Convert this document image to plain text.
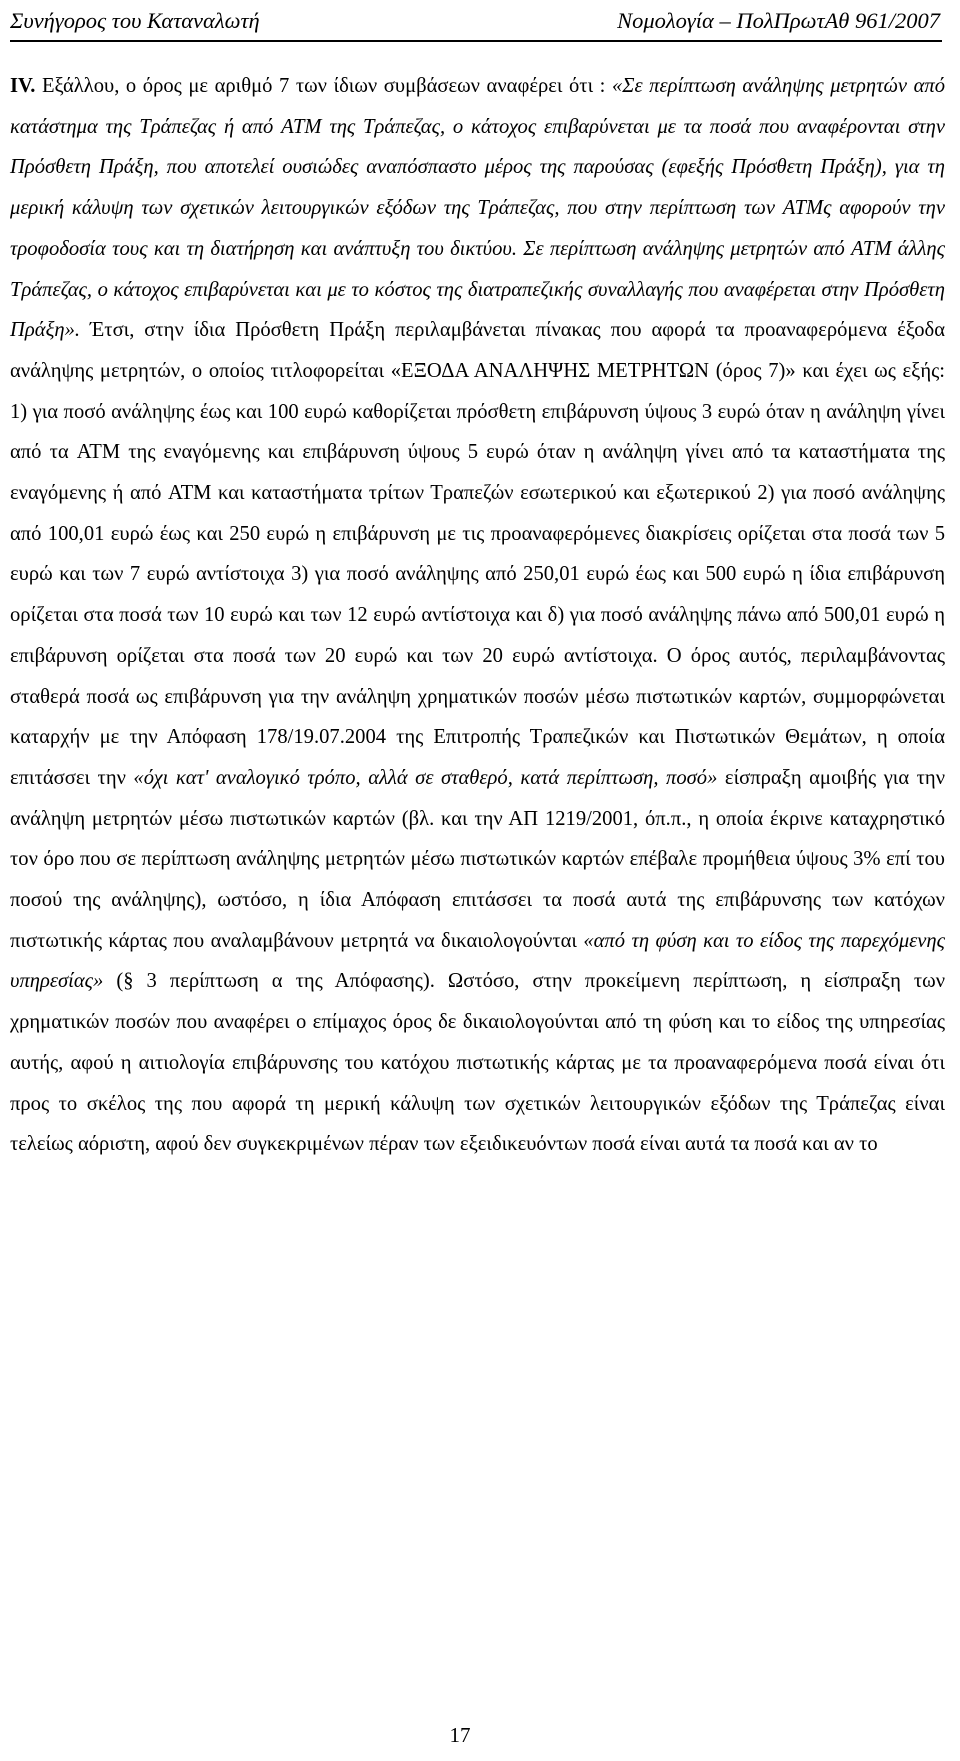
Συνήγορος του Καταναλωτή	Νομολογία – ΠολΠρωτΑθ 961/2007

IV. Εξάλλου, ο όρος με αριθμό 7 των ίδιων συμβάσεων αναφέρει ότι : «Σε περίπτωση ανάληψης μετρητών από κατάστημα της Τράπεζας ή από ATM της Τράπεζας, ο κάτοχος επιβαρύνεται με τα ποσά που αναφέρονται στην Πρόσθετη Πράξη, που αποτελεί ουσιώδες αναπόσπαστο μέρος της παρούσας (εφεξής Πρόσθετη Πράξη), για τη μερική κάλυψη των σχετικών λειτουργικών εξόδων της Τράπεζας, που στην περίπτωση των ATMς αφορούν την τροφοδοσία τους και τη διατήρηση και ανάπτυξη του δικτύου. Σε περίπτωση ανάληψης μετρητών από ATM άλλης Τράπεζας, ο κάτοχος επιβαρύνεται και με το κόστος της διατραπεζικής συναλλαγής που αναφέρεται στην Πρόσθετη Πράξη». Έτσι, στην ίδια Πρόσθετη Πράξη περιλαμβάνεται πίνακας που αφορά τα προαναφερόμενα έξοδα ανάληψης μετρητών, ο οποίος τιτλοφορείται «ΕΞΟΔΑ ΑΝΑΛΗΨΗΣ ΜΕΤΡΗΤΩΝ (όρος 7)» και έχει ως εξής: 1) για ποσό ανάληψης έως και 100 ευρώ καθορίζεται πρόσθετη επιβάρυνση ύψους 3 ευρώ όταν η ανάληψη γίνει από τα ATM της εναγόμενης και επιβάρυνση ύψους 5 ευρώ όταν η ανάληψη γίνει από τα καταστήματα της εναγόμενης ή από ATM και καταστήματα τρίτων Τραπεζών εσωτερικού και εξωτερικού 2) για ποσό ανάληψης από 100,01 ευρώ έως και 250 ευρώ η επιβάρυνση με τις προαναφερόμενες διακρίσεις ορίζεται στα ποσά των 5 ευρώ και των 7 ευρώ αντίστοιχα 3) για ποσό ανάληψης από 250,01 ευρώ έως και 500 ευρώ η ίδια επιβάρυνση ορίζεται στα ποσά των 10 ευρώ και των 12 ευρώ αντίστοιχα και δ) για ποσό ανάληψης πάνω από 500,01 ευρώ η επιβάρυνση ορίζεται στα ποσά των 20 ευρώ και των 20 ευρώ αντίστοιχα. Ο όρος αυτός, περιλαμβάνοντας σταθερά ποσά ως επιβάρυνση για την ανάληψη χρηματικών ποσών μέσω πιστωτικών καρτών, συμμορφώνεται καταρχήν με την Απόφαση 178/19.07.2004 της Επιτροπής Τραπεζικών και Πιστωτικών Θεμάτων, η οποία επιτάσσει την «όχι κατ' αναλογικό τρόπο, αλλά σε σταθερό, κατά περίπτωση, ποσό» είσπραξη αμοιβής για την ανάληψη μετρητών μέσω πιστωτικών καρτών (βλ. και την ΑΠ 1219/2001, όπ.π., η οποία έκρινε καταχρηστικό τον όρο που σε περίπτωση ανάληψης μετρητών μέσω πιστωτικών καρτών επέβαλε προμήθεια ύψους 3% επί του ποσού της ανάληψης), ωστόσο, η ίδια Απόφαση επιτάσσει τα ποσά αυτά της επιβάρυνσης των κατόχων πιστωτικής κάρτας που αναλαμβάνουν μετρητά να δικαιολογούνται «από τη φύση και το είδος της παρεχόμενης υπηρεσίας» (§ 3 περίπτωση α της Απόφασης). Ωστόσο, στην προκείμενη περίπτωση, η είσπραξη των χρηματικών ποσών που αναφέρει ο επίμαχος όρος δε δικαιολογούνται από τη φύση και το είδος της υπηρεσίας αυτής, αφού η αιτιολογία επιβάρυνσης του κατόχου πιστωτικής κάρτας με τα προαναφερόμενα ποσά είναι ότι προς το σκέλος της που αφορά τη μερική κάλυψη των σχετικών λειτουργικών εξόδων της Τράπεζας είναι τελείως αόριστη, αφού δεν συγκεκριμένων πέραν των εξειδικευόντων ποσά είναι αυτά τα ποσά και αν το

17
